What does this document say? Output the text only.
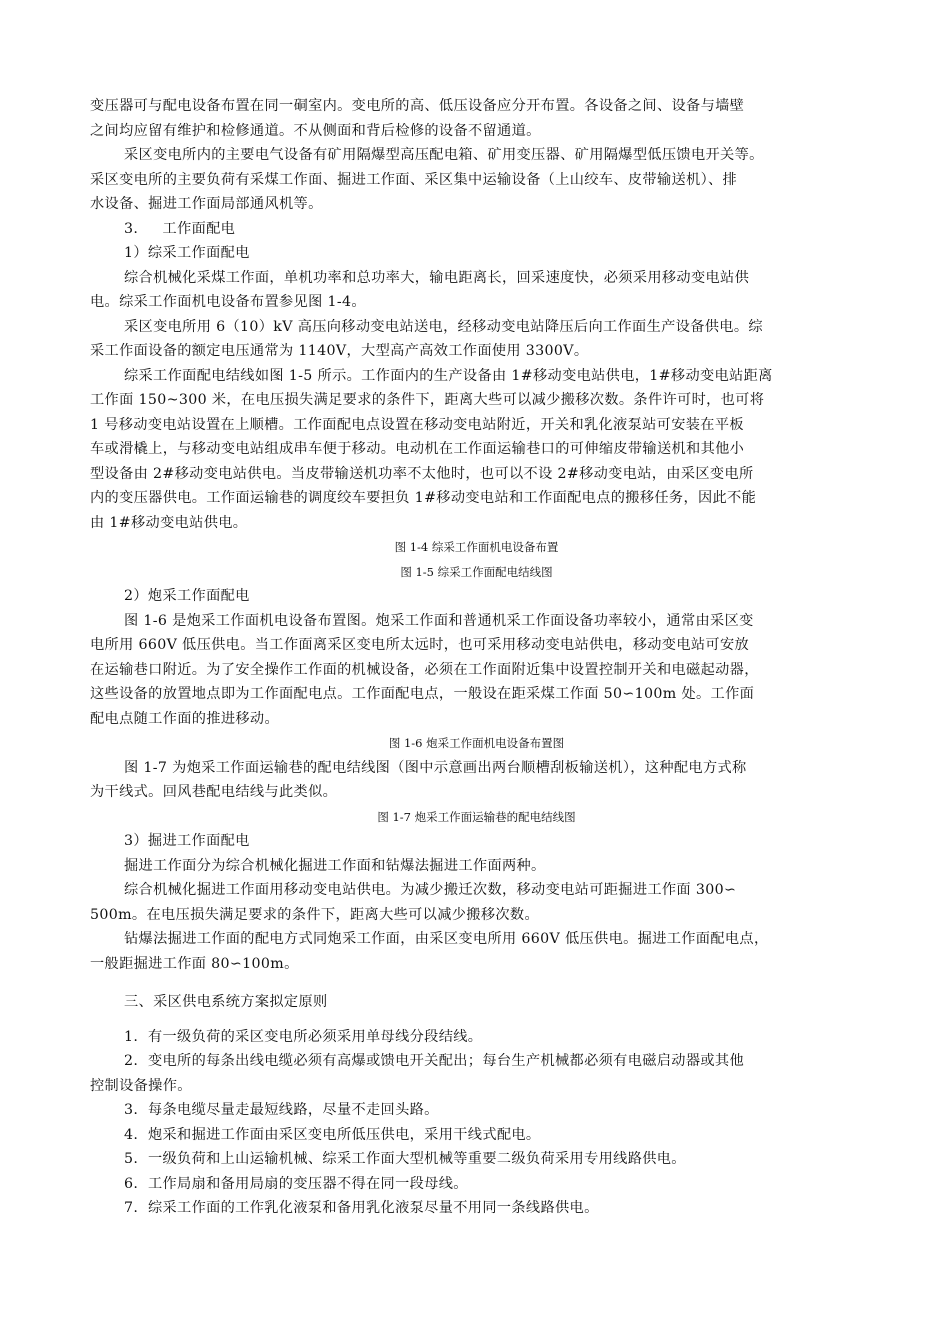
变压器可与配电设备布置在同一硐室内。变电所的高、低压设备应分开布置。各设备之间、设备与墙壁
之间均应留有维护和检修通道。不从侧面和背后检修的设备不留通道。
采区变电所内的主要电气设备有矿用隔爆型高压配电箱、矿用变压器、矿用隔爆型低压馈电开关等。
采区变电所的主要负荷有采煤工作面、掘进工作面、采区集中运输设备（上山绞车、皮带输送机）、排
水设备、掘进工作面局部通风机等。
3.     工作面配电
1）综采工作面配电
综合机械化采煤工作面，单机功率和总功率大，输电距离长，回采速度快，必须采用移动变电站供
电。综采工作面机电设备布置参见图 1-4。
采区变电所用 6（10）kV 高压向移动变电站送电，经移动变电站降压后向工作面生产设备供电。综
采工作面设备的额定电压通常为 1140V，大型高产高效工作面使用 3300V。
综采工作面配电结线如图 1-5 所示。工作面内的生产设备由 1#移动变电站供电，1#移动变电站距离
工作面 150~300 米，在电压损失满足要求的条件下，距离大些可以减少搬移次数。条件许可时，也可将
1 号移动变电站设置在上顺槽。工作面配电点设置在移动变电站附近，开关和乳化液泵站可安装在平板
车或滑橇上，与移动变电站组成串车便于移动。电动机在工作面运输巷口的可伸缩皮带输送机和其他小
型设备由 2#移动变电站供电。当皮带输送机功率不太他时，也可以不设 2#移动变电站，由采区变电所
内的变压器供电。工作面运输巷的调度绞车要担负 1#移动变电站和工作面配电点的搬移任务，因此不能
由 1#移动变电站供电。
图 1-4 综采工作面机电设备布置
图 1-5 综采工作面配电结线图
2）炮采工作面配电
图 1-6 是炮采工作面机电设备布置图。炮采工作面和普通机采工作面设备功率较小，通常由采区变
电所用 660V 低压供电。当工作面离采区变电所太远时，也可采用移动变电站供电，移动变电站可安放
在运输巷口附近。为了安全操作工作面的机械设备，必须在工作面附近集中设置控制开关和电磁起动器，
这些设备的放置地点即为工作面配电点。工作面配电点，一般设在距采煤工作面 50∽100m 处。工作面
配电点随工作面的推进移动。
图 1-6 炮采工作面机电设备布置图
图 1-7 为炮采工作面运输巷的配电结线图（图中示意画出两台顺槽刮板输送机），这种配电方式称
为干线式。回风巷配电结线与此类似。
图 1-7 炮采工作面运输巷的配电结线图
3）掘进工作面配电
掘进工作面分为综合机械化掘进工作面和钻爆法掘进工作面两种。
综合机械化掘进工作面用移动变电站供电。为减少搬迁次数，移动变电站可距掘进工作面 300∽
500m。在电压损失满足要求的条件下，距离大些可以减少搬移次数。
钻爆法掘进工作面的配电方式同炮采工作面，由采区变电所用 660V 低压供电。掘进工作面配电点，
一般距掘进工作面 80∽100m。
三、采区供电系统方案拟定原则
1.  有一级负荷的采区变电所必须采用单母线分段结线。
2.  变电所的每条出线电缆必须有高爆或馈电开关配出；每台生产机械都必须有电磁启动器或其他
控制设备操作。
3.  每条电缆尽量走最短线路，尽量不走回头路。
4.  炮采和掘进工作面由采区变电所低压供电，采用干线式配电。
5.  一级负荷和上山运输机械、综采工作面大型机械等重要二级负荷采用专用线路供电。
6.  工作局扇和备用局扇的变压器不得在同一段母线。
7.  综采工作面的工作乳化液泵和备用乳化液泵尽量不用同一条线路供电。
